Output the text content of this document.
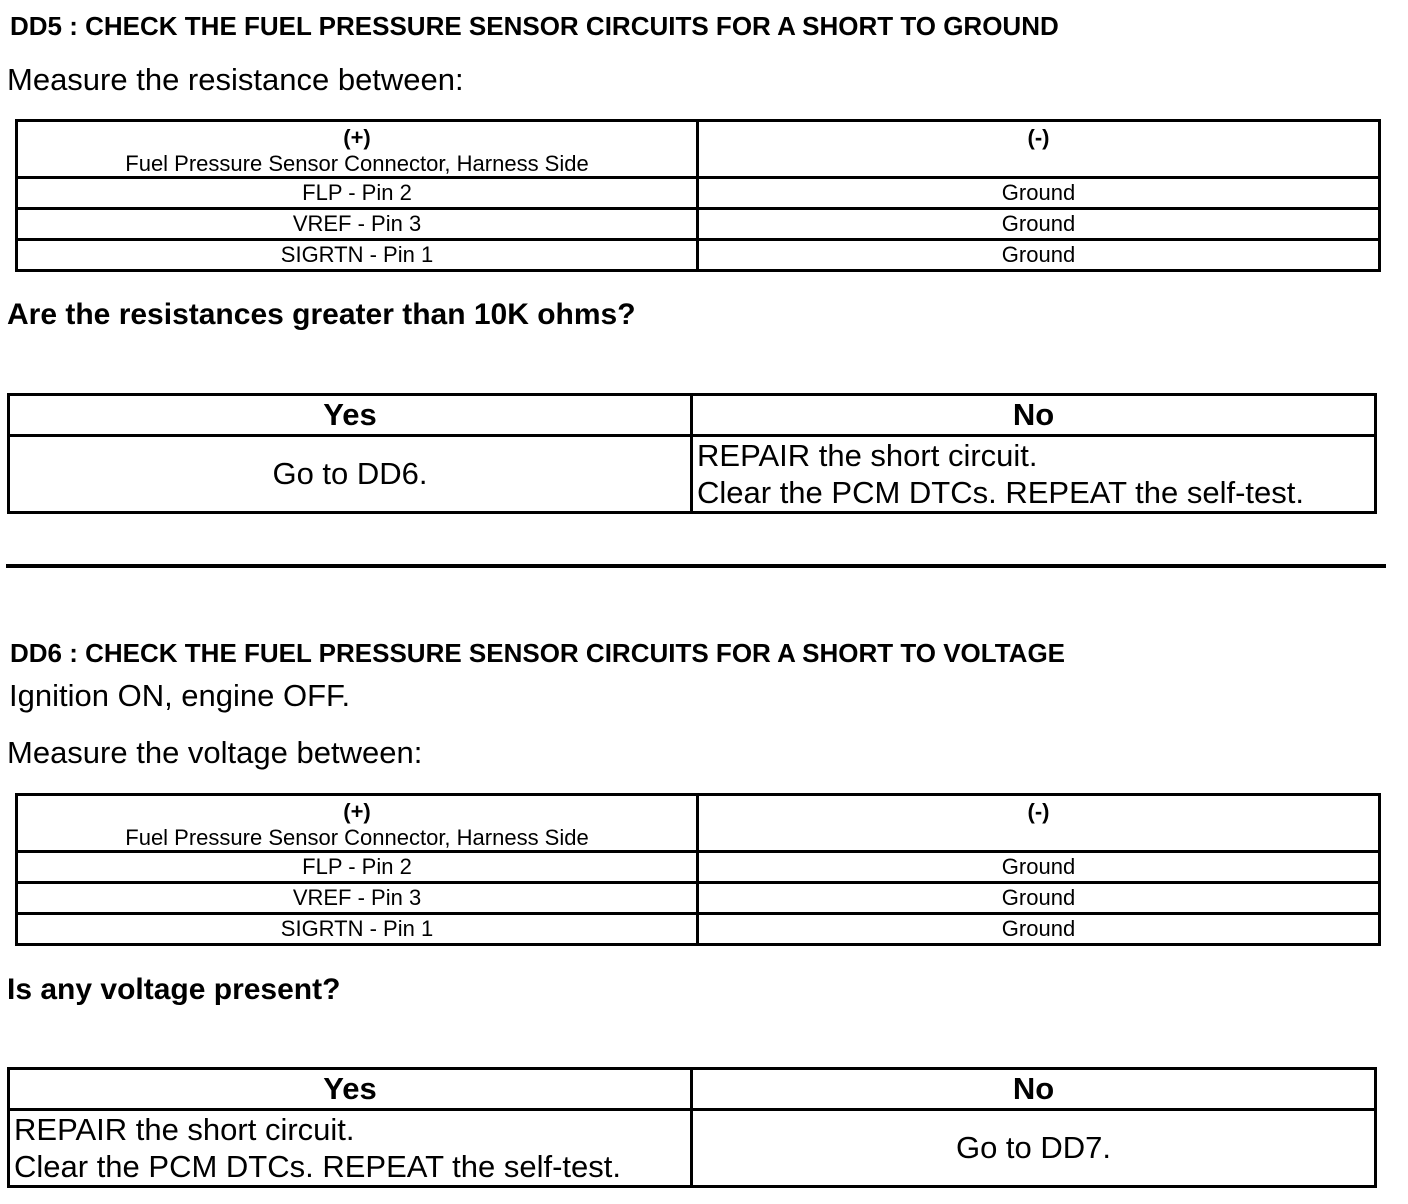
DD5 : CHECK THE FUEL PRESSURE SENSOR CIRCUITS FOR A SHORT TO GROUND
Measure the resistance between:
(+)
Fuel Pressure Sensor Connector, Harness Side	(-)

FLP - Pin 2	Ground
VREF - Pin 3	Ground
SIGRTN - Pin 1	Ground
Are the resistances greater than 10K ohms?
Yes	No
Go to DD6.	REPAIR the short circuit.
Clear the PCM DTCs. REPEAT the self-test.
DD6 : CHECK THE FUEL PRESSURE SENSOR CIRCUITS FOR A SHORT TO VOLTAGE
Ignition ON, engine OFF.
Measure the voltage between:
(+)
Fuel Pressure Sensor Connector, Harness Side	(-)

FLP - Pin 2	Ground
VREF - Pin 3	Ground
SIGRTN - Pin 1	Ground
Is any voltage present?
Yes	No

REPAIR the short circuit.
Clear the PCM DTCs. REPEAT the self-test.	Go to DD7.
